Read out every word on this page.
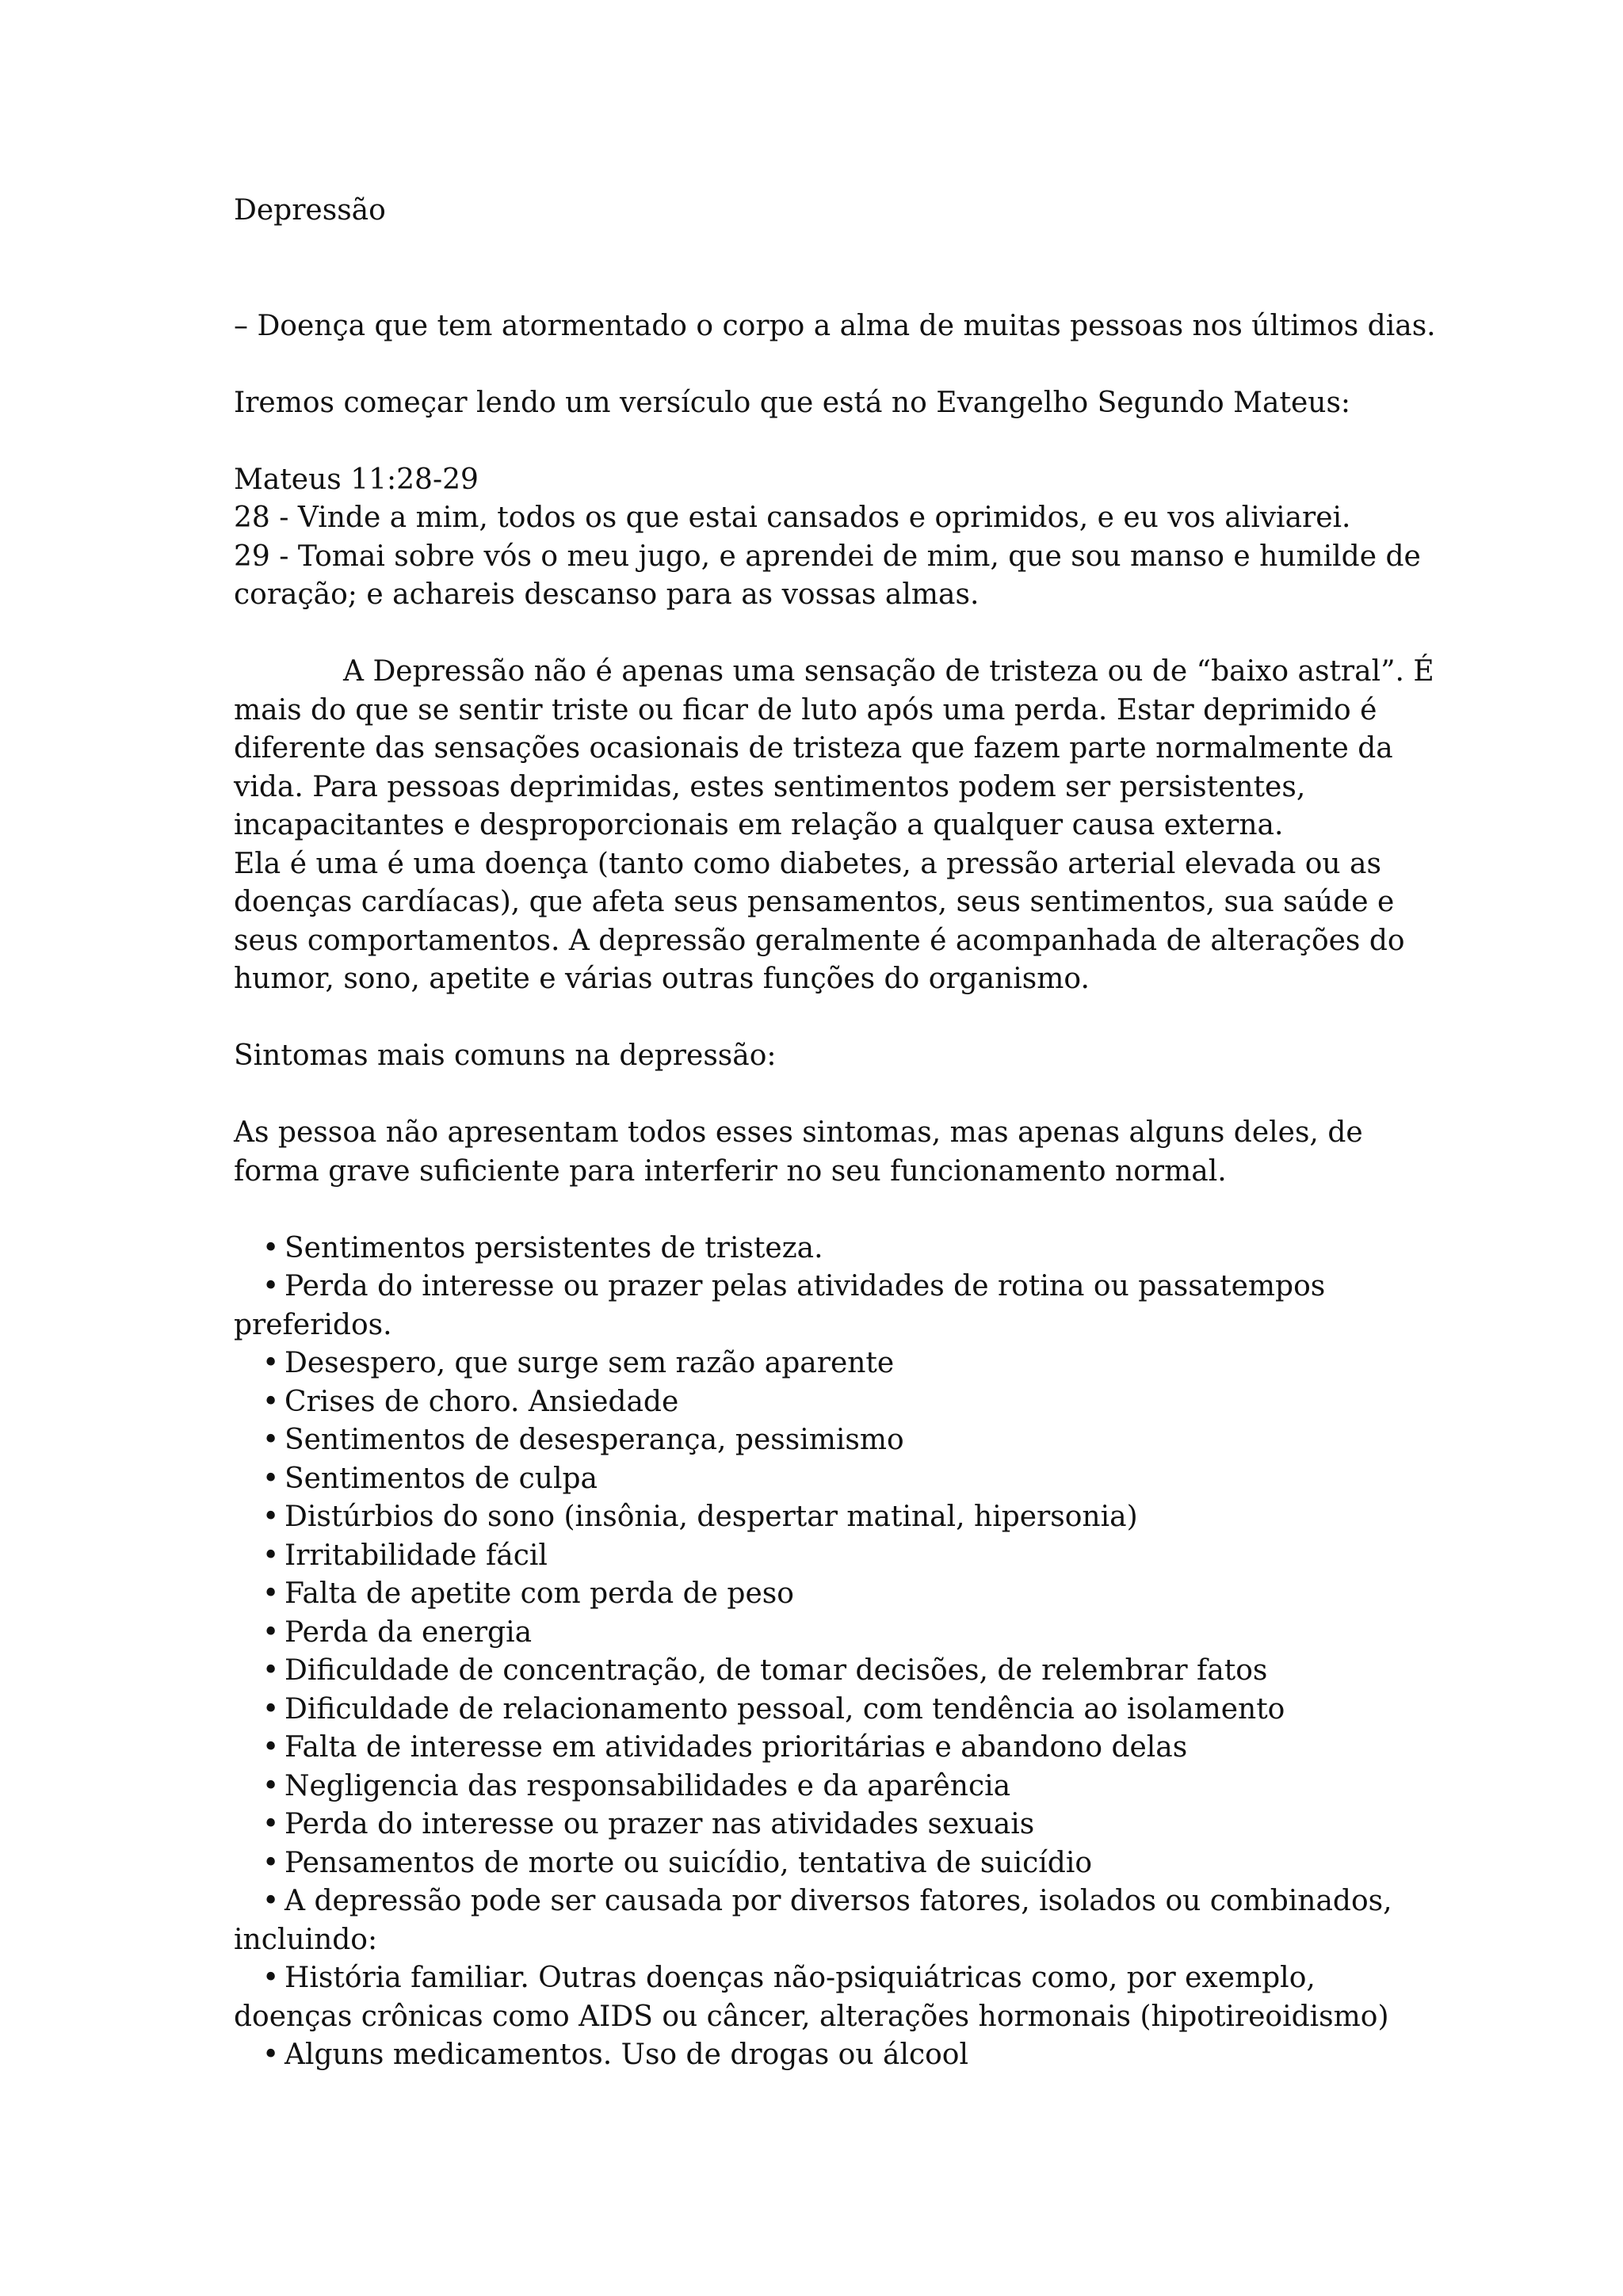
Depressão
– Doença que tem atormentado o corpo a alma de muitas pessoas nos últimos dias.
Iremos começar lendo um versículo que está no Evangelho Segundo Mateus:
Mateus 11:28-29
28 - Vinde a mim, todos os que estai cansados e oprimidos, e eu vos aliviarei.
29 - Tomai sobre vós o meu jugo, e aprendei de mim, que sou manso e humilde de
coração; e achareis descanso para as vossas almas.
A Depressão não é apenas uma sensação de tristeza ou de “baixo astral”. É
mais do que se sentir triste ou ficar de luto após uma perda. Estar deprimido é
diferente das sensações ocasionais de tristeza que fazem parte normalmente da
vida. Para pessoas deprimidas, estes sentimentos podem ser persistentes,
incapacitantes e desproporcionais em relação a qualquer causa externa.
Ela é uma é uma doença (tanto como diabetes, a pressão arterial elevada ou as
doenças cardíacas), que afeta seus pensamentos, seus sentimentos, sua saúde e
seus comportamentos. A depressão geralmente é acompanhada de alterações do
humor, sono, apetite e várias outras funções do organismo.
Sintomas mais comuns na depressão:
As pessoa não apresentam todos esses sintomas, mas apenas alguns deles, de
forma grave suficiente para interferir no seu funcionamento normal.
• Sentimentos persistentes de tristeza.
• Perda do interesse ou prazer pelas atividades de rotina ou passatempos
preferidos.
• Desespero, que surge sem razão aparente
• Crises de choro. Ansiedade
• Sentimentos de desesperança, pessimismo
• Sentimentos de culpa
• Distúrbios do sono (insônia, despertar matinal, hipersonia)
• Irritabilidade fácil
• Falta de apetite com perda de peso
• Perda da energia
• Dificuldade de concentração, de tomar decisões, de relembrar fatos
• Dificuldade de relacionamento pessoal, com tendência ao isolamento
• Falta de interesse em atividades prioritárias e abandono delas
• Negligencia das responsabilidades e da aparência
• Perda do interesse ou prazer nas atividades sexuais
• Pensamentos de morte ou suicídio, tentativa de suicídio
• A depressão pode ser causada por diversos fatores, isolados ou combinados,
incluindo:
• História familiar. Outras doenças não-psiquiátricas como, por exemplo,
doenças crônicas como AIDS ou câncer, alterações hormonais (hipotireoidismo)
• Alguns medicamentos. Uso de drogas ou álcool
